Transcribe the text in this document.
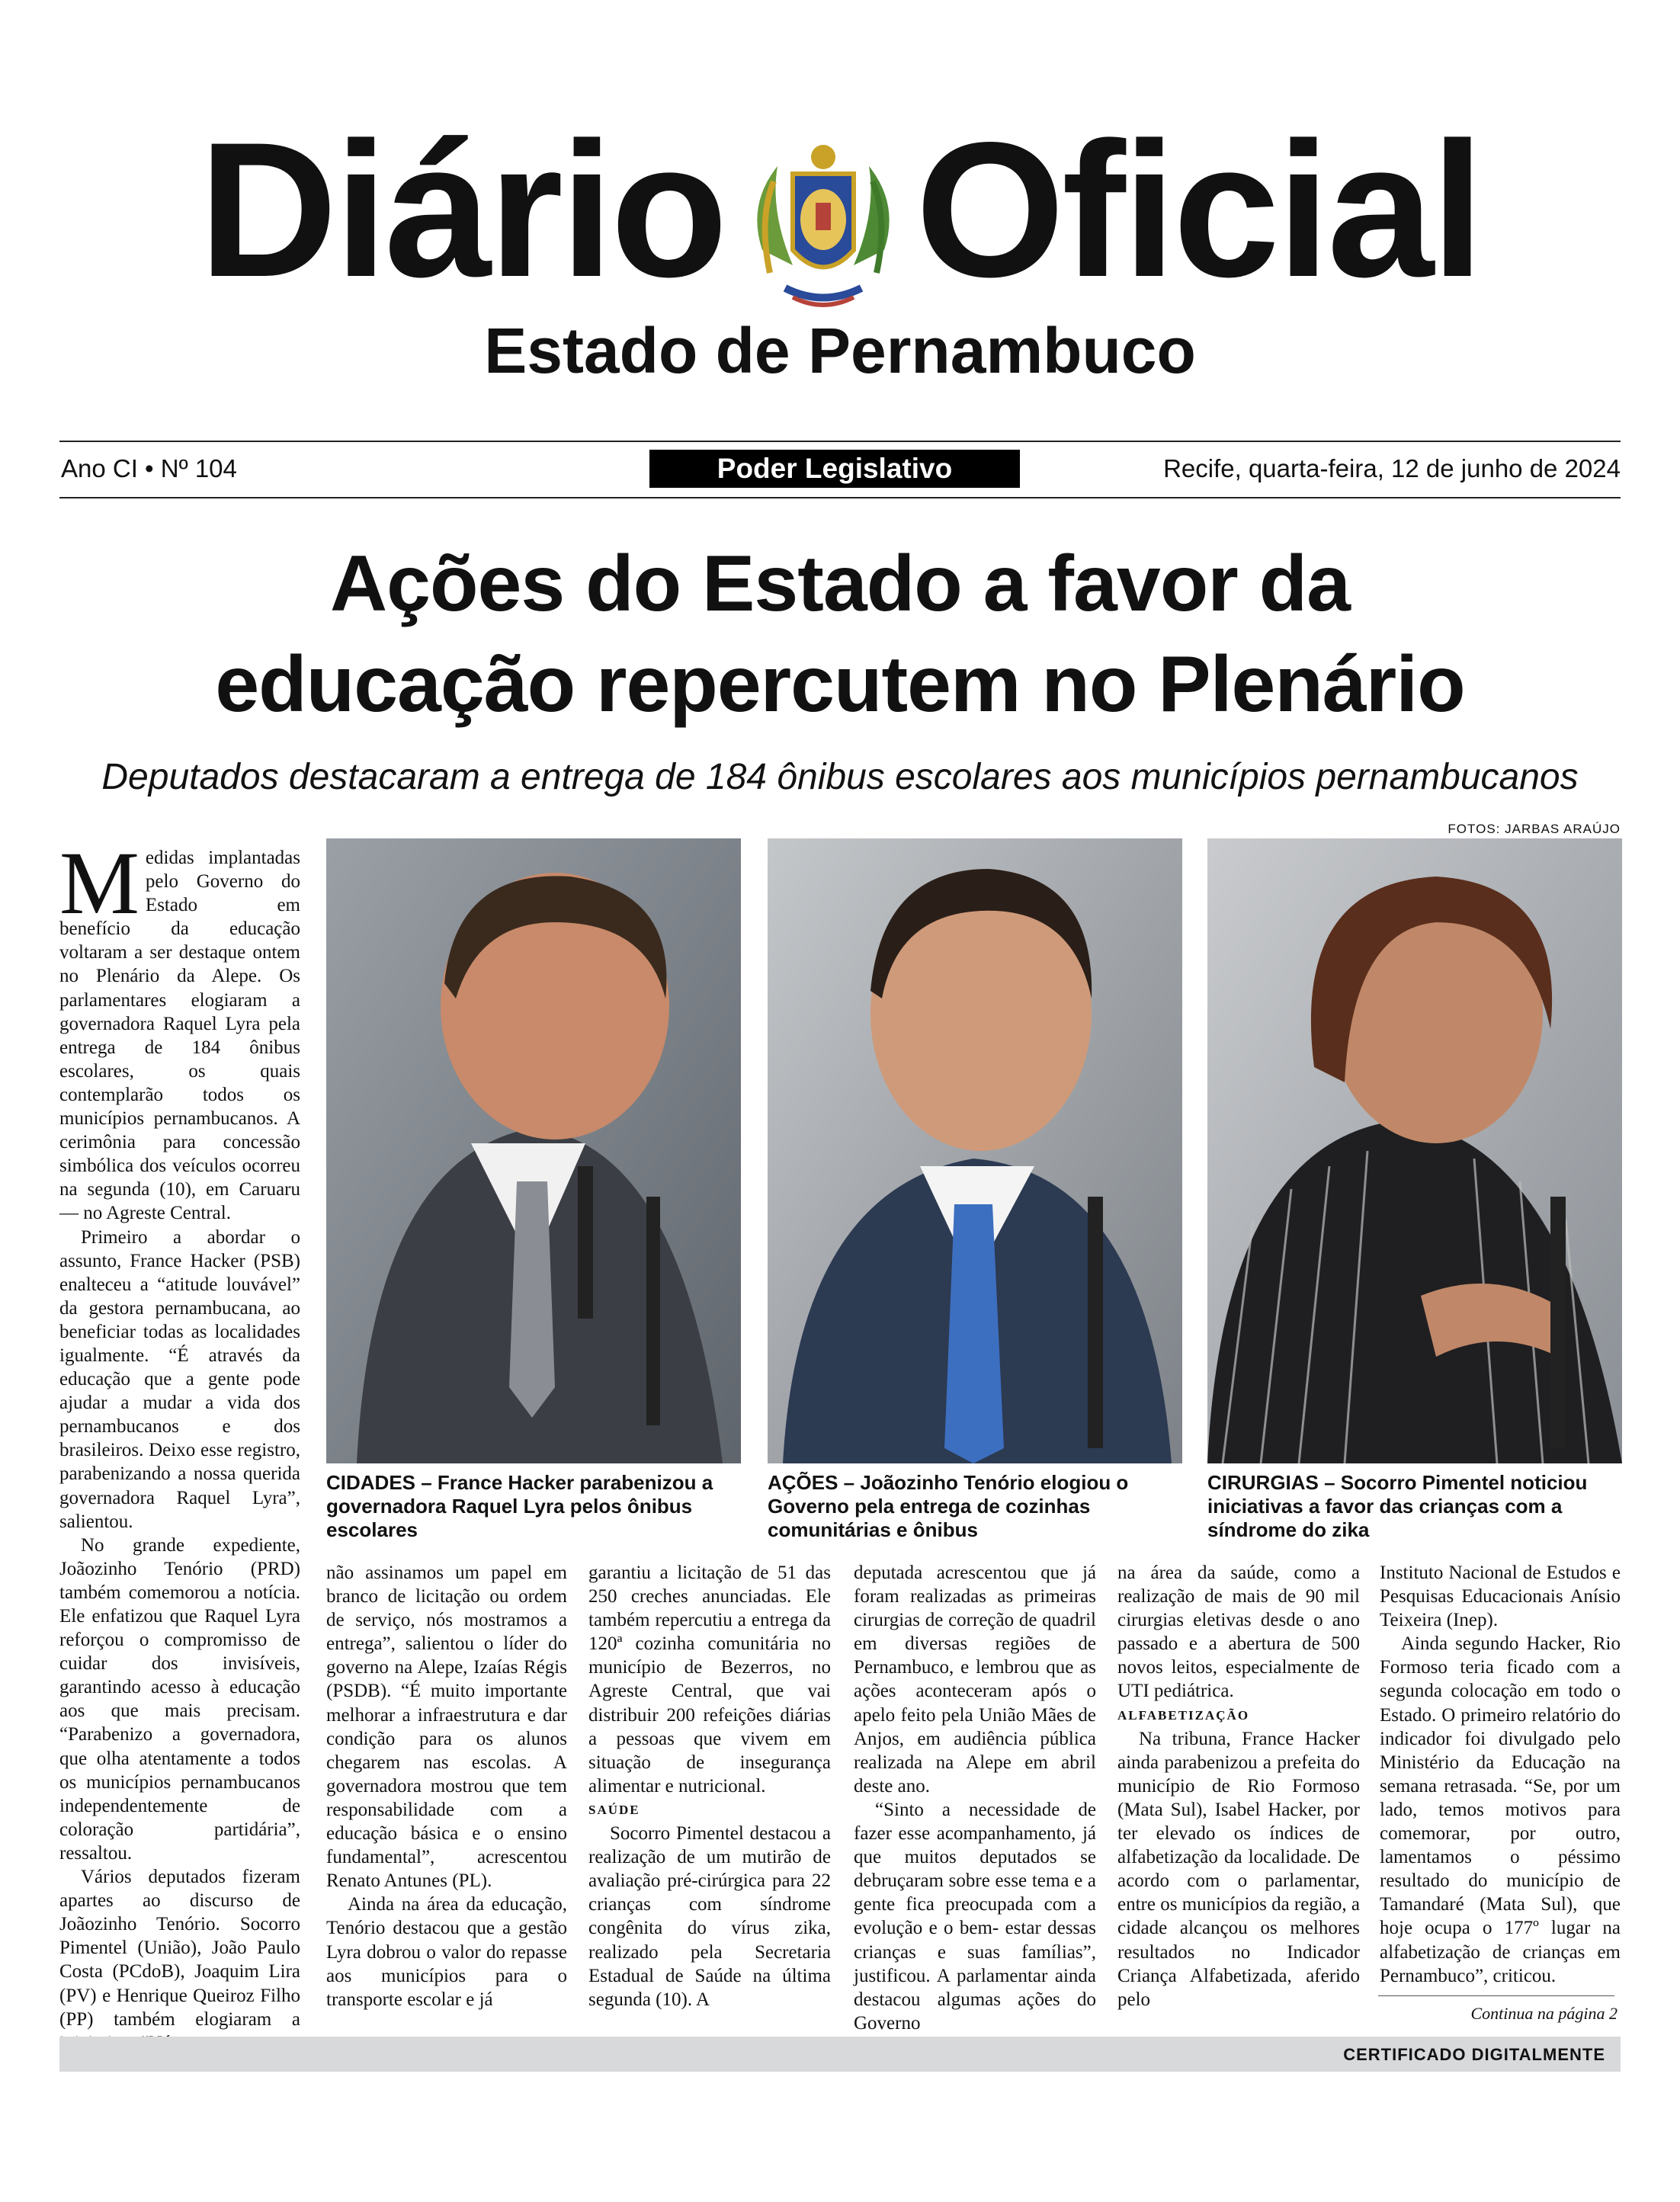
Diário Oficial
Estado de Pernambuco
Ano CI • Nº 104	Poder Legislativo	Recife, quarta-feira, 12 de junho de 2024
Ações do Estado a favor da
educação repercutem no Plenário
Deputados destacaram a entrega de 184 ônibus escolares aos municípios pernambucanos
FOTOS: JARBAS ARAÚJO
CIDADES – France Hacker parabenizou a governadora Raquel Lyra pelos ônibus escolares
AÇÕES – Joãozinho Tenório elogiou o Governo pela entrega de cozinhas comunitárias e ônibus
CIRURGIAS – Socorro Pimentel noticiou iniciativas a favor das crianças com a síndrome do zika

Medidas implantadas pelo Governo do Estado em benefício da educação voltaram a ser destaque ontem no Plenário da Alepe. Os parlamentares elogiaram a governadora Raquel Lyra pela entrega de 184 ônibus escolares, os quais contemplarão todos os municípios pernambucanos. A cerimônia para concessão simbólica dos veículos ocorreu na segunda (10), em Caruaru — no Agreste Central.

Primeiro a abordar o assunto, France Hacker (PSB) enalteceu a “atitude louvável” da gestora pernambucana, ao beneficiar todas as localidades igualmente. “É através da educação que a gente pode ajudar a mudar a vida dos pernambucanos e dos brasileiros. Deixo esse registro, parabenizando a nossa querida governadora Raquel Lyra”, salientou.

No grande expediente, Joãozinho Tenório (PRD) também comemorou a notícia. Ele enfatizou que Raquel Lyra reforçou o compromisso de cuidar dos invisíveis, garantindo acesso à educação aos que mais precisam. “Parabenizo a governadora, que olha atentamente a todos os municípios pernambucanos independentemente de coloração partidária”, ressaltou.

Vários deputados fizeram apartes ao discurso de Joãozinho Tenório. Socorro Pimentel (União), João Paulo Costa (PCdoB), Joaquim Lira (PV) e Henrique Queiroz Filho (PP) também elogiaram a

não assinamos um papel em branco de licitação ou ordem de serviço, nós mostramos a entrega”, salientou o líder do governo na Alepe, Izaías Régis (PSDB). “É muito importante melhorar a infraestrutura e dar condição para os alunos chegarem nas escolas. A governadora mostrou que tem responsabilidade com a educação básica e o ensino fundamental”, acrescentou Renato Antunes (PL).

Ainda na área da educação, Tenório destacou que a gestão Lyra dobrou o valor do repasse aos municípios para o transporte escolar e já

garantiu a licitação de 51 das 250 creches anunciadas. Ele também repercutiu a entrega da 120ª cozinha comunitária no município de Bezerros, no Agreste Central, que vai distribuir 200 refeições diárias a pessoas que vivem em situação de insegurança alimentar e nutricional.

SAÚDE

Socorro Pimentel destacou a realização de um mutirão de avaliação pré-cirúrgica para 22 crianças com síndrome congênita do vírus zika, realizado pela Secretaria Estadual de Saúde na última segunda (10). A

deputada acrescentou que já foram realizadas as primeiras cirurgias de correção de quadril em diversas regiões de Pernambuco, e lembrou que as ações aconteceram após o apelo feito pela União Mães de Anjos, em audiência pública realizada na Alepe em abril deste ano.

“Sinto a necessidade de fazer esse acompanhamento, já que muitos deputados se debruçaram sobre esse tema e a gente fica preocupada com a evolução e o bem- estar dessas crianças e suas famílias”, justificou. A parlamentar ainda destacou algumas ações do Governo

na área da saúde, como a realização de mais de 90 mil cirurgias eletivas desde o ano passado e a abertura de 500 novos leitos, especialmente de UTI pediátrica.

ALFABETIZAÇÃO

Na tribuna, France Hacker ainda parabenizou a prefeita do município de Rio Formoso (Mata Sul), Isabel Hacker, por ter elevado os índices de alfabetização da localidade. De acordo com o parlamentar, entre os municípios da região, a cidade alcançou os melhores resultados no Indicador Criança Alfabetizada, aferido pelo

Instituto Nacional de Estudos e Pesquisas Educacionais Anísio Teixeira (Inep).

Ainda segundo Hacker, Rio Formoso teria ficado com a segunda colocação em todo o Estado. O primeiro relatório do indicador foi divulgado pelo Ministério da Educação na semana retrasada. “Se, por um lado, temos motivos para comemorar, por outro, lamentamos o péssimo resultado do município de Tamandaré (Mata Sul), que hoje ocupa o 177º lugar na alfabetização de crianças em Pernambuco”, criticou.

Continua na página 2
CERTIFICADO DIGITALMENTE
